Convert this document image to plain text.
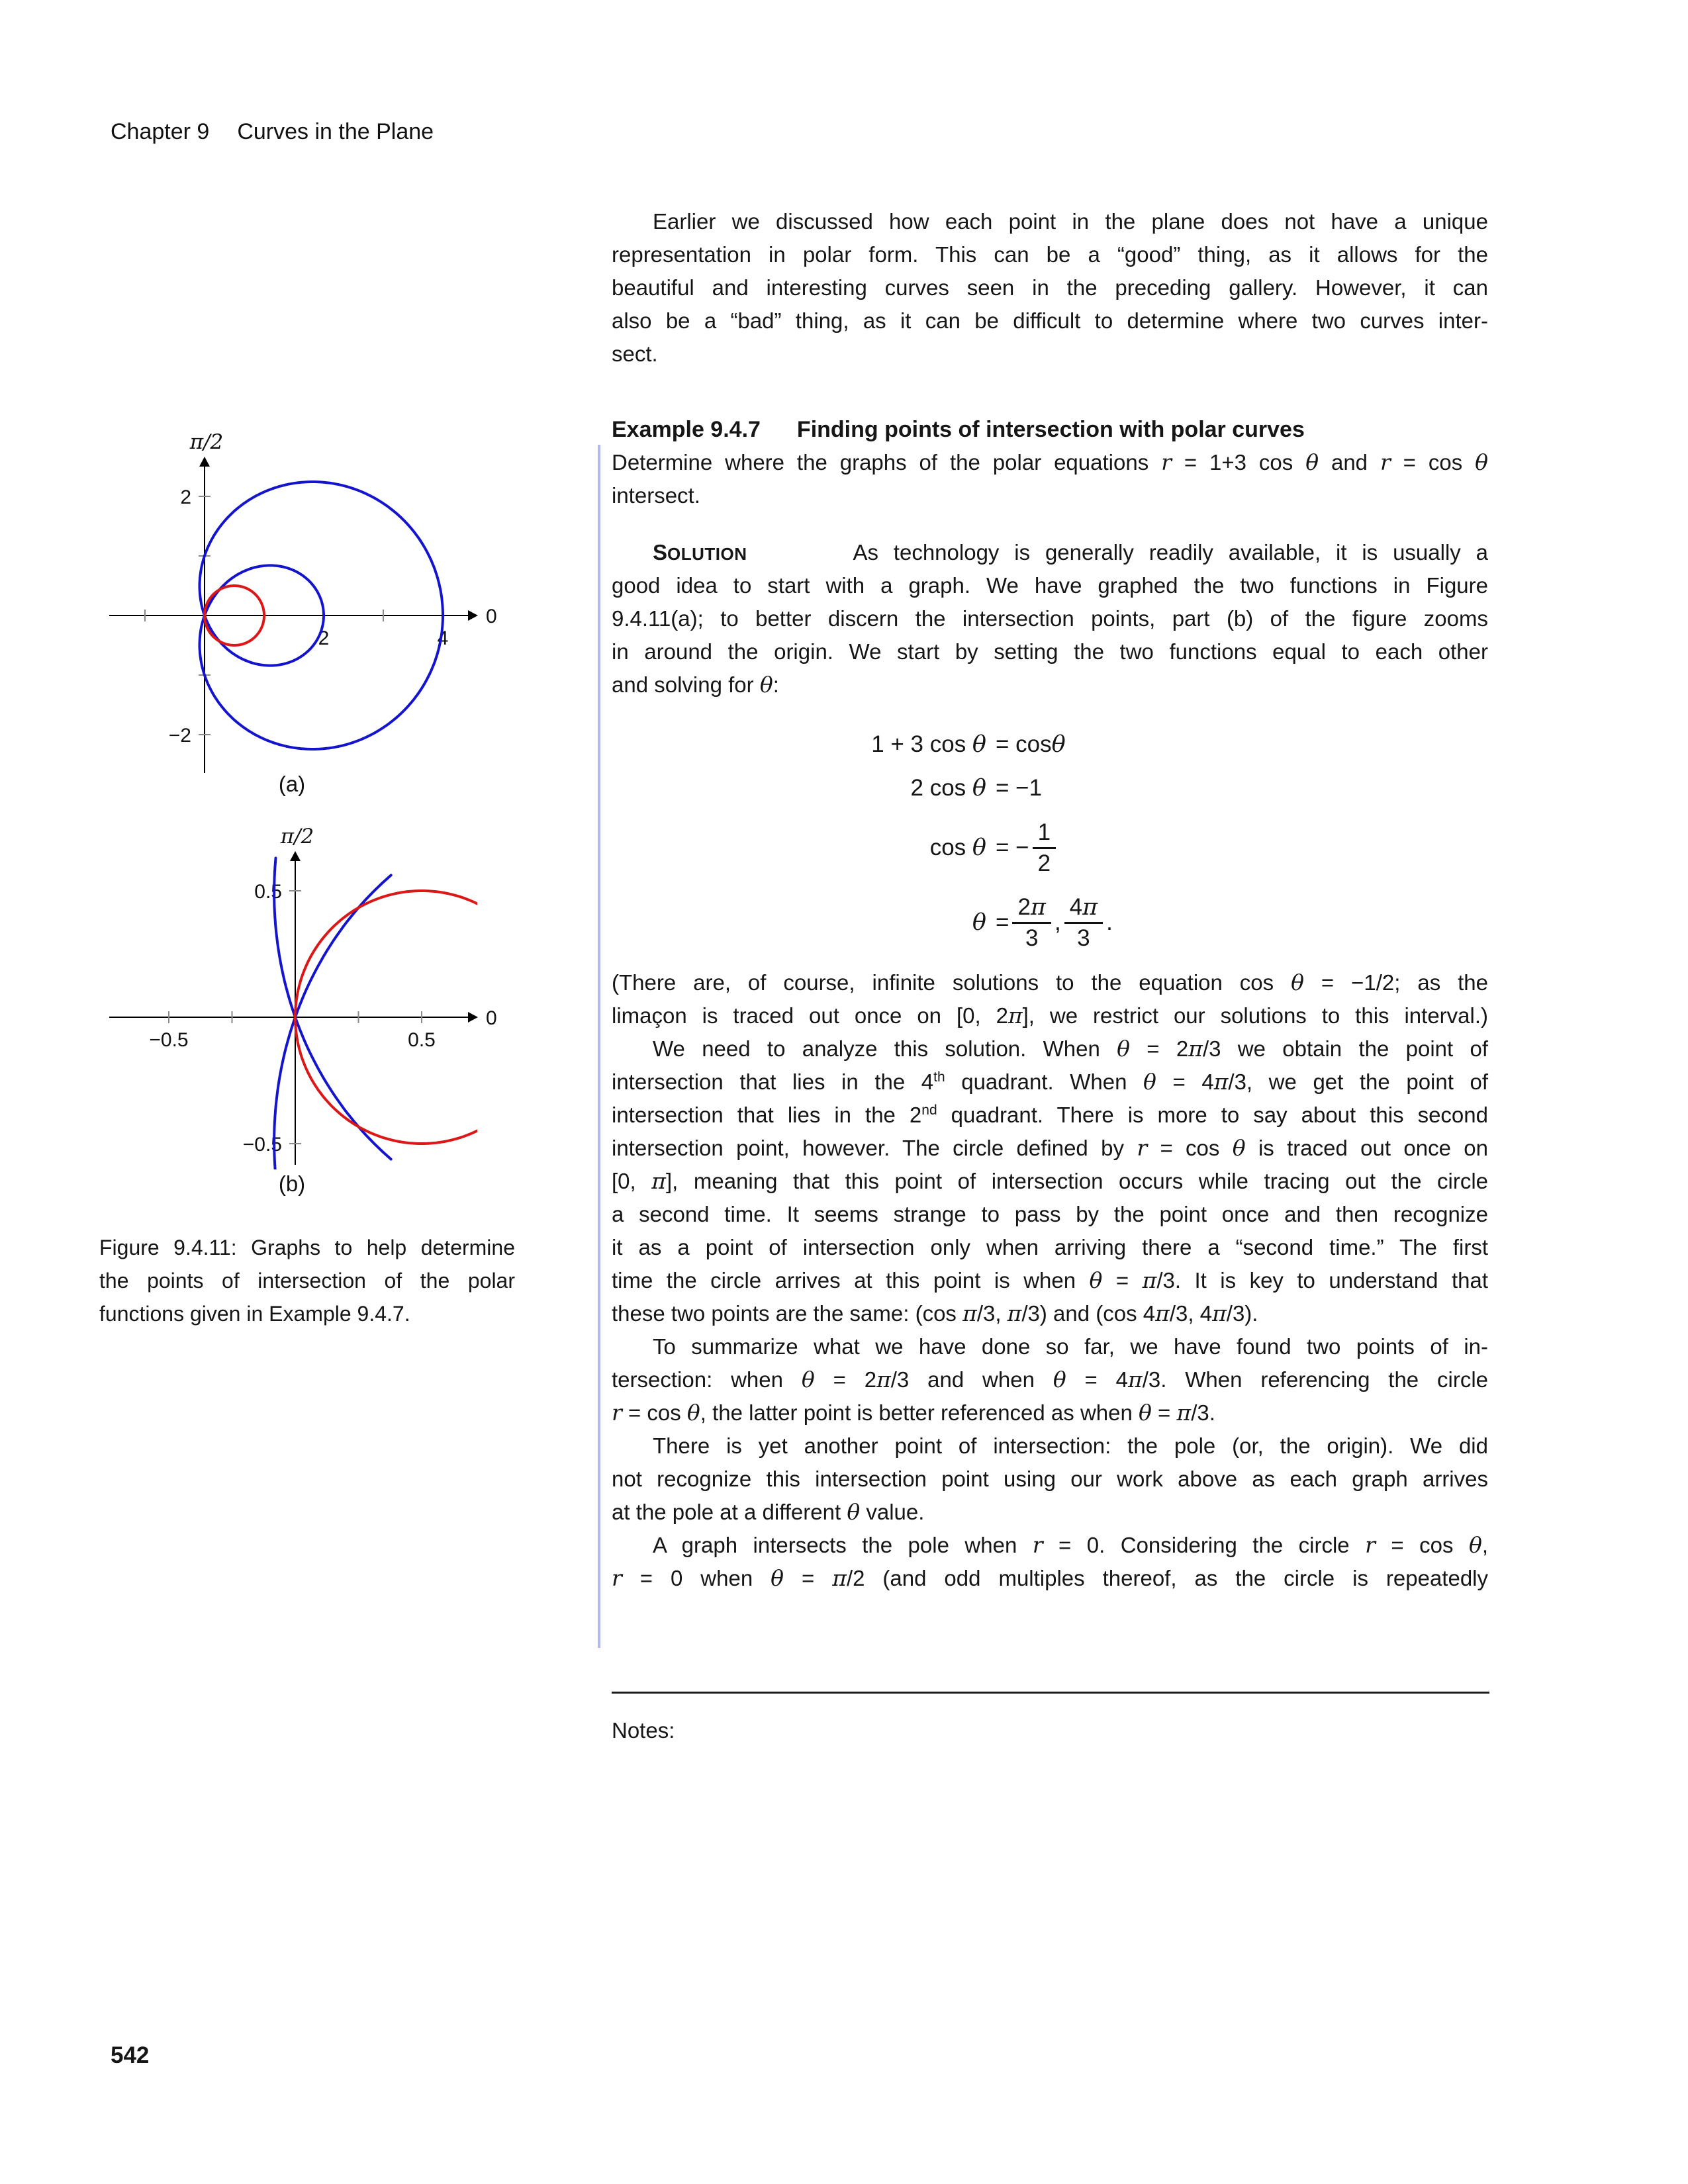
Chapter 9 Curves in the Plane
2	4
2
−2
0
π/2
(a)
−0.5	0.5
0.5
−0.5
0
π/2
(b)
Figure 9.4.11: Graphs to help determine
the points of intersection of the polar
functions given in Example 9.4.7.
Earlier we discussed how each point in the plane does not have a unique
representation in polar form. This can be a “good” thing, as it allows for the
beautiful and interesting curves seen in the preceding gallery. However, it can
also be a “bad” thing, as it can be difficult to determine where two curves inter-
sect.
Example 9.4.7 Finding points of intersection with polar curves
Determine where the graphs of the polar equations r = 1+3 cos θ and r = cos θ
intersect.
SOLUTION       As technology is generally readily available, it is usually a
good idea to start with a graph. We have graphed the two functions in Figure
9.4.11(a); to better discern the intersection points, part (b) of the figure zooms
in around the origin. We start by setting the two functions equal to each other
and solving for θ:
1 + 3 cos θ = cos θ
2 cos θ = −1
cos θ = − $\frac{1}{2}$
$\theta = \frac{2\pi}{3}$ , $\frac{4\pi}{3}$ .
(There are, of course, infinite solutions to the equation cos θ = −1/2; as the
limaçon is traced out once on [0, 2π], we restrict our solutions to this interval.)
We need to analyze this solution. When θ = 2π/3 we obtain the point of
intersection that lies in the 4th quadrant. When θ = 4π/3, we get the point of
intersection that lies in the 2nd quadrant. There is more to say about this second
intersection point, however. The circle defined by r = cos θ is traced out once on
[0, π], meaning that this point of intersection occurs while tracing out the circle
a second time. It seems strange to pass by the point once and then recognize
it as a point of intersection only when arriving there a “second time.” The first
time the circle arrives at this point is when θ = π/3. It is key to understand that
these two points are the same: (cos π/3, π/3) and (cos 4π/3, 4π/3).
To summarize what we have done so far, we have found two points of in-
tersection: when θ = 2π/3 and when θ = 4π/3. When referencing the circle
r = cos θ, the latter point is better referenced as when θ = π/3.
There is yet another point of intersection: the pole (or, the origin). We did
not recognize this intersection point using our work above as each graph arrives
at the pole at a different θ value.
A graph intersects the pole when r = 0. Considering the circle r = cos θ,
r = 0 when θ = π/2 (and odd multiples thereof, as the circle is repeatedly
Notes:
542
